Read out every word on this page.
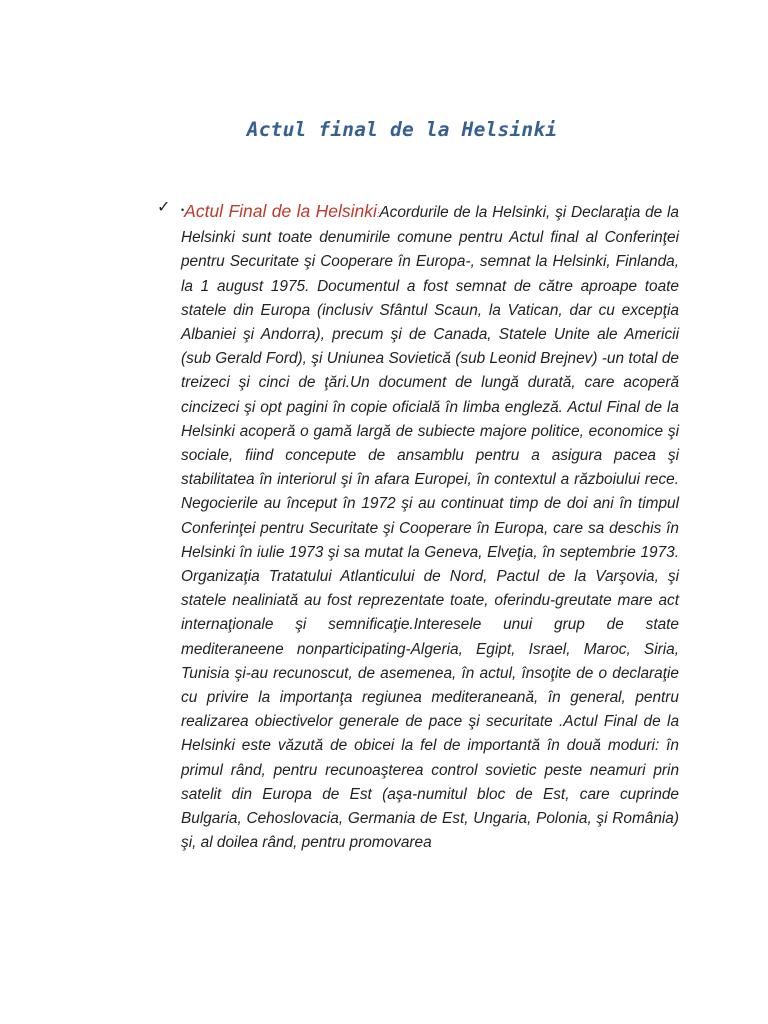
Actul final de la Helsinki
✓ •Actul Final de la Helsinki:Acordurile de la Helsinki, şi Declaraţia de la Helsinki sunt toate denumirile comune pentru Actul final al Conferinţei pentru Securitate şi Cooperare în Europa-, semnat la Helsinki, Finlanda, la 1 august 1975. Documentul a fost semnat de către aproape toate statele din Europa (inclusiv Sfântul Scaun, la Vatican, dar cu excepţia Albaniei şi Andorra), precum şi de Canada, Statele Unite ale Americii (sub Gerald Ford), şi Uniunea Sovietică (sub Leonid Brejnev) -un total de treizeci şi cinci de ţări.Un document de lungă durată, care acoperă cincizeci şi opt pagini în copie oficială în limba engleză. Actul Final de la Helsinki acoperă o gamă largă de subiecte majore politice, economice şi sociale, fiind concepute de ansamblu pentru a asigura pacea şi stabilitatea în interiorul şi în afara Europei, în contextul a războiului rece. Negocierile au început în 1972 şi au continuat timp de doi ani în timpul Conferinţei pentru Securitate şi Cooperare în Europa, care sa deschis în Helsinki în iulie 1973 şi sa mutat la Geneva, Elveţia, în septembrie 1973. Organizaţia Tratatului Atlanticului de Nord, Pactul de la Varşovia, şi statele nealiniată au fost reprezentate toate, oferindu-greutate mare act internaţionale şi semnificaţie.Interesele unui grup de state mediteraneene nonparticipating-Algeria, Egipt, Israel, Maroc, Siria, Tunisia şi-au recunoscut, de asemenea, în actul, însoţite de o declaraţie cu privire la importanţa regiunea mediteraneană, în general, pentru realizarea obiectivelor generale de pace şi securitate .Actul Final de la Helsinki este văzută de obicei la fel de importantă în două moduri: în primul rând, pentru recunoaşterea control sovietic peste neamuri prin satelit din Europa de Est (aşa-numitul bloc de Est, care cuprinde Bulgaria, Cehoslovacia, Germania de Est, Ungaria, Polonia, şi România) şi, al doilea rând, pentru promovarea
